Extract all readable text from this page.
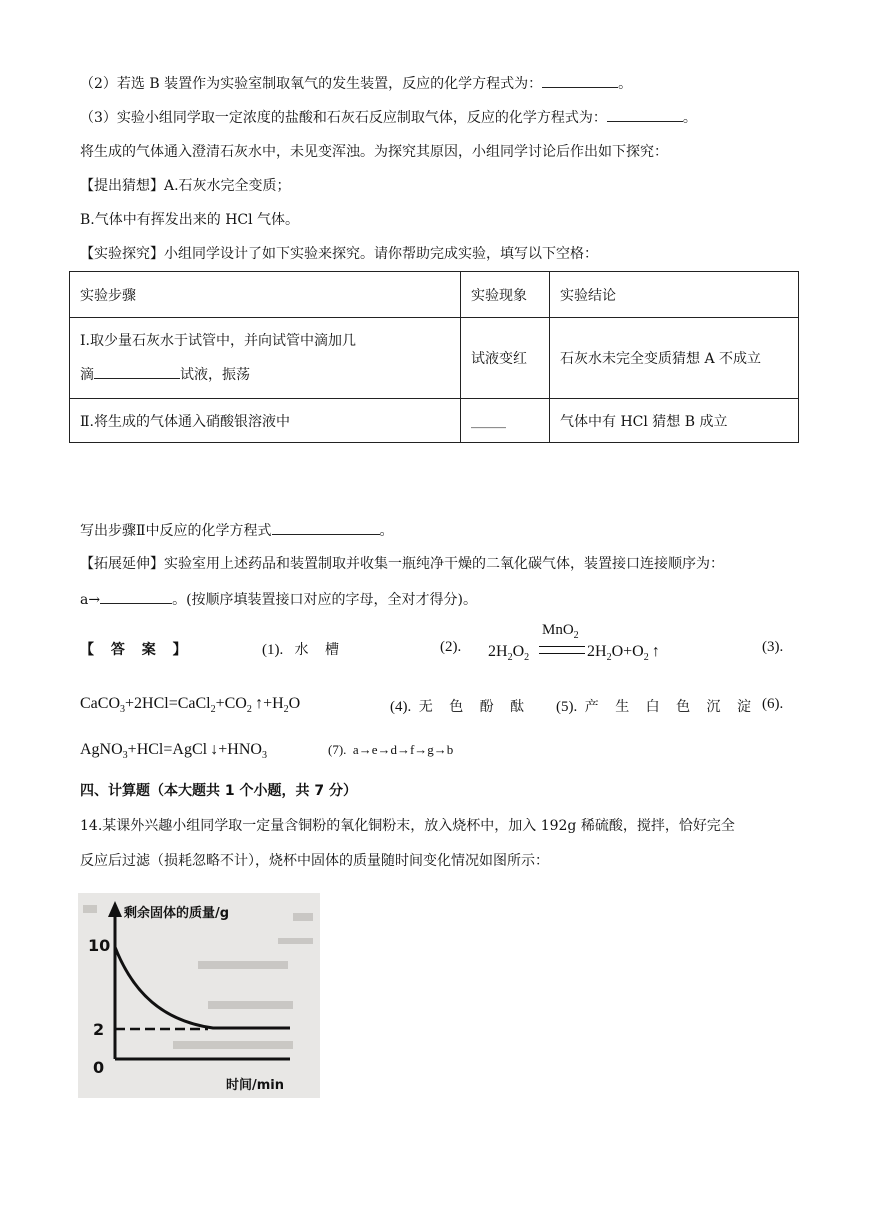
（2）若选 B 装置作为实验室制取氧气的发生装置，反应的化学方程式为：	。
（3）实验小组同学取一定浓度的盐酸和石灰石反应制取气体，反应的化学方程式为：	。
将生成的气体通入澄清石灰水中，未见变浑浊。为探究其原因，小组同学讨论后作出如下探究：
【提出猜想】A.石灰水完全变质；
B.气体中有挥发出来的 HCl 气体。
【实验探究】小组同学设计了如下实验来探究。请你帮助完成实验，填写以下空格：
实验步骤	实验现象	实验结论

Ⅰ.取少量石灰水于试管中，并向试管中滴加几
滴 试液，振荡	试液变红	石灰水未完全变质猜想 A 不成立
Ⅱ.将生成的气体通入硝酸银溶液中	_____	气体中有 HCl 猜想 B 成立
写出步骤Ⅱ中反应的化学方程式	。
【拓展延伸】实验室用上述药品和装置制取并收集一瓶纯净干燥的二氧化碳气体，装置接口连接顺序为：
a→	。(按顺序填装置接口对应的字母，全对才得分)。
【 答 案 】	(1). 水 槽	(2).
MnO$_2$
$2H_2O_2$	$2H_2O+O_2$ ↑	(3).
$CaCO_3+2HCl=CaCl_2+CO_2$ $↑+H_2O$	(4). 无 色 酚 酞 (5). 产 生 白 色 沉 淀 (6).
AgNO$_3$+HCl=AgCl $↓+HNO_3$	(7). a→e→d→f→g→b
四、计算题（本大题共 1 个小题，共 7 分）
14.某课外兴趣小组同学取一定量含铜粉的氧化铜粉末，放入烧杯中，加入 192g 稀硫酸，搅拌，恰好完全
反应后过滤（损耗忽略不计），烧杯中固体的质量随时间变化情况如图所示：
剩余固体的质量/g
时间/min
10
2
0
